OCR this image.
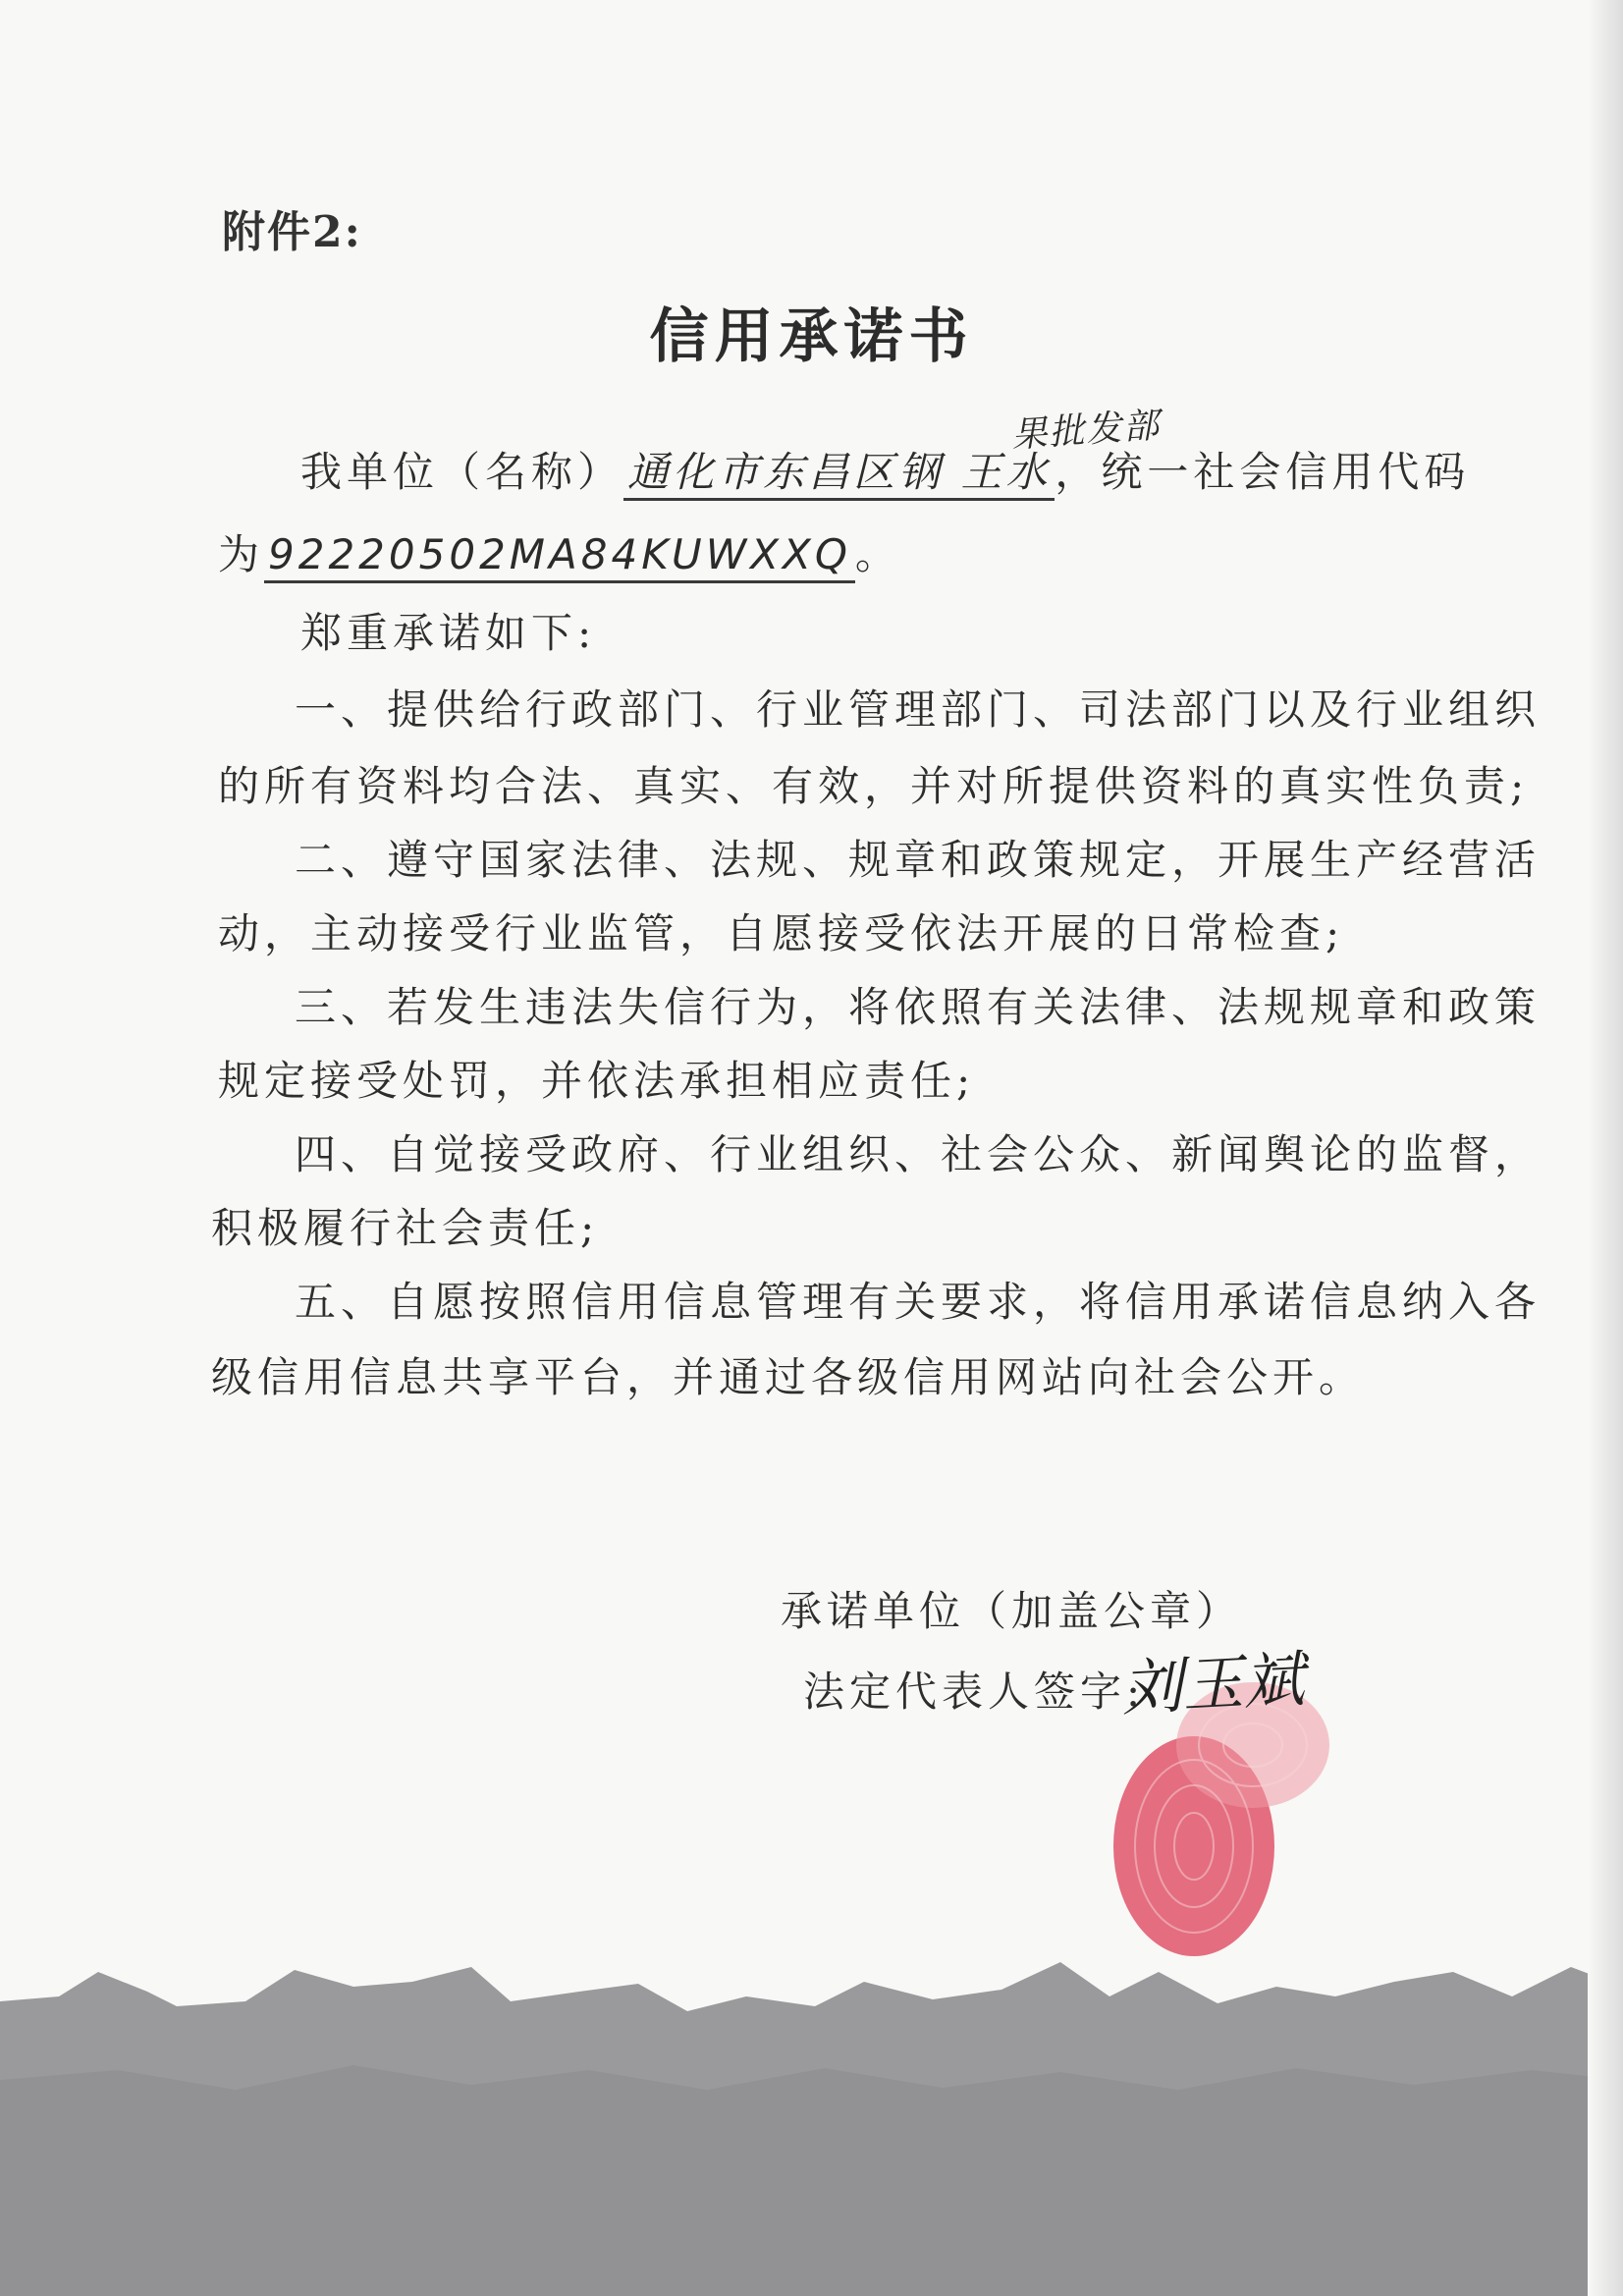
附件2:
信用承诺书
果批发部
我单位（名称）通化市东昌区钢 王水，统一社会信用代码
为92220502MA84KUWXXQ。
郑重承诺如下:
一、提供给行政部门、行业管理部门、司法部门以及行业组织
的所有资料均合法、真实、有效，并对所提供资料的真实性负责;
二、遵守国家法律、法规、规章和政策规定，开展生产经营活
动，主动接受行业监管，自愿接受依法开展的日常检查;
三、若发生违法失信行为，将依照有关法律、法规规章和政策
规定接受处罚，并依法承担相应责任;
四、自觉接受政府、行业组织、社会公众、新闻舆论的监督，
积极履行社会责任;
五、自愿按照信用信息管理有关要求，将信用承诺信息纳入各
级信用信息共享平台，并通过各级信用网站向社会公开。
承诺单位（加盖公章）
法定代表人签字:
刘玉斌
